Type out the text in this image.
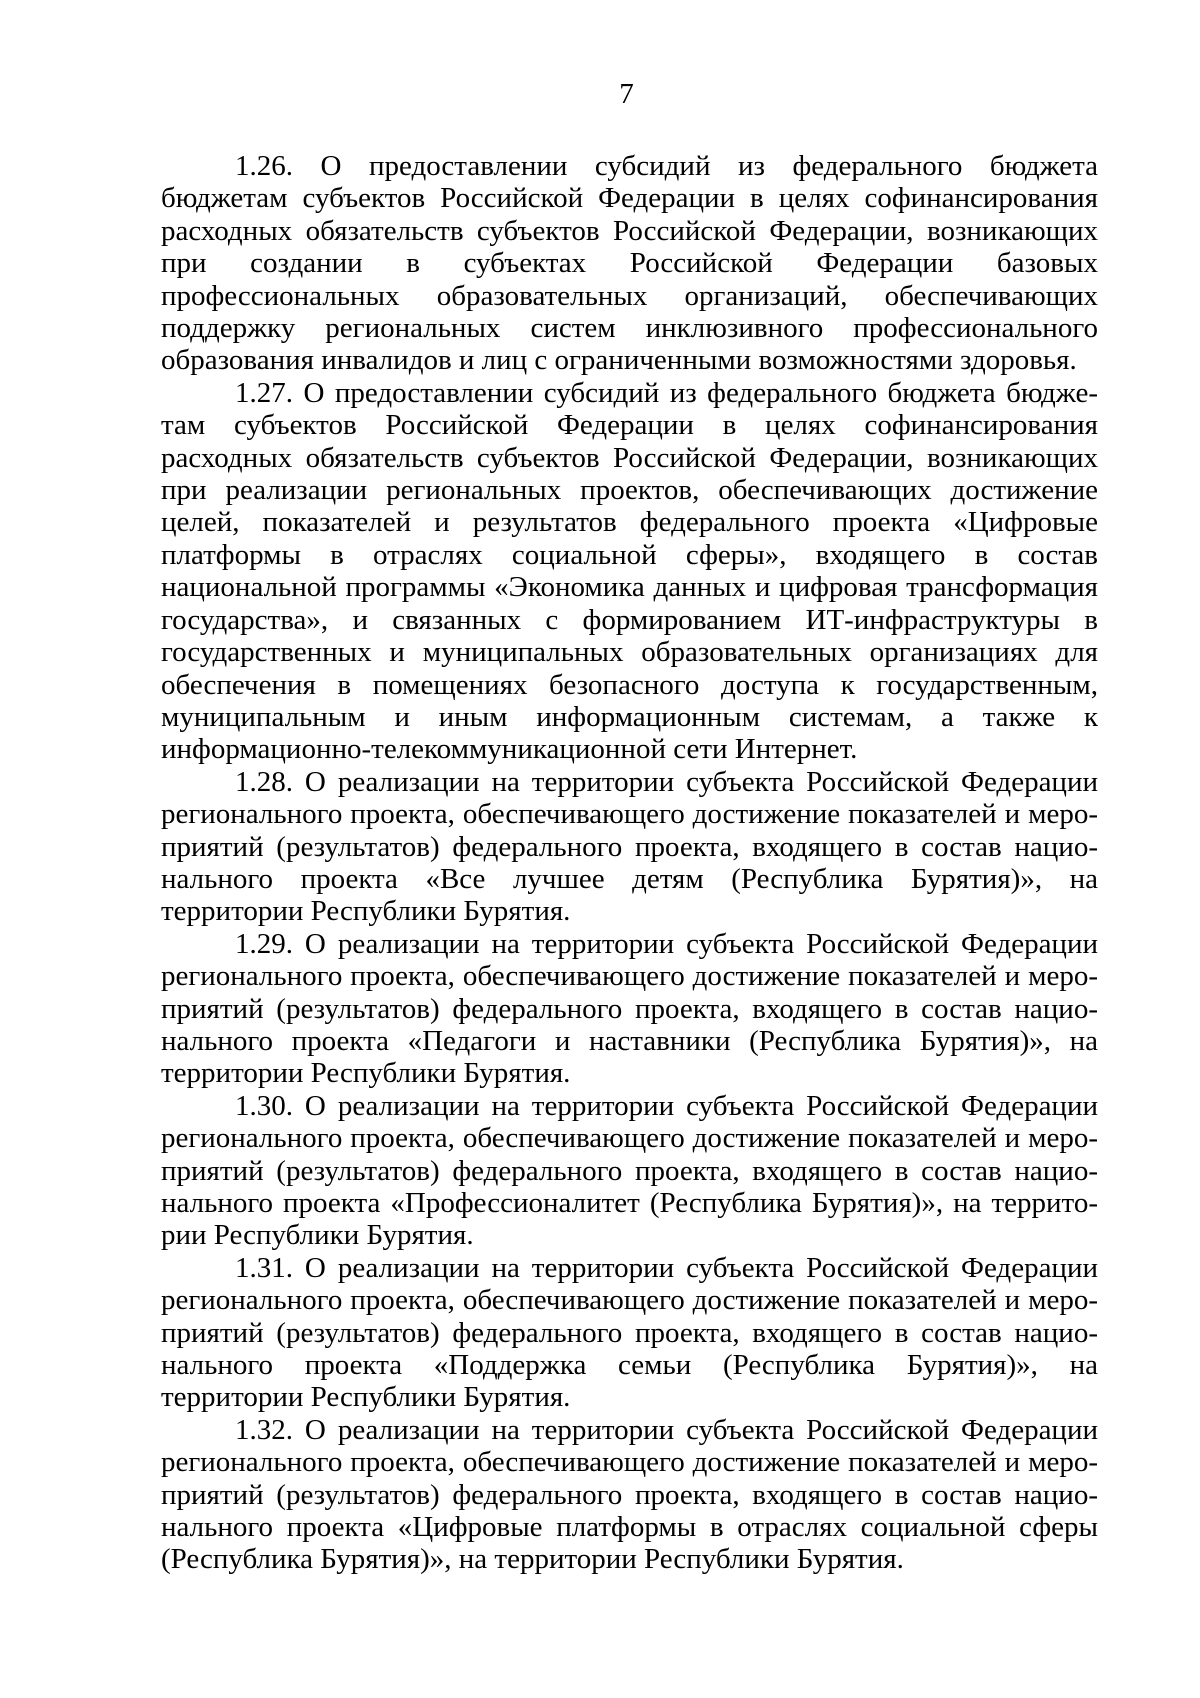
7

1.26. О предоставлении субсидий из федерального бюджета бюджетам субъектов Российской Федерации в целях софинансирования расходных обязательств субъектов Российской Федерации, возникающих при создании в субъектах Российской Федерации базовых профессиональных образовательных организаций, обеспечивающих поддержку региональных систем инклюзивного профессионального образования инвалидов и лиц с ограниченными возможностями здоровья.

1.27. О предоставлении субсидий из федерального бюджета бюджетам субъектов Российской Федерации в целях софинансирования расходных обязательств субъектов Российской Федерации, возникающих при реализации региональных проектов, обеспечивающих достижение целей, показателей и результатов федерального проекта «Цифровые платформы в отраслях социальной сферы», входящего в состав национальной программы «Экономика данных и цифровая трансформация государства», и связанных с формированием ИТ-инфраструктуры в государственных и муниципальных образовательных организациях для обеспечения в помещениях безопасного доступа к государственным, муниципальным и иным информационным системам, а также к информационно-телекоммуникационной сети Интернет.

1.28. О реализации на территории субъекта Российской Федерации регионального проекта, обеспечивающего достижение показателей и мероприятий (результатов) федерального проекта, входящего в состав национального проекта «Все лучшее детям (Республика Бурятия)», на территории Республики Бурятия.

1.29. О реализации на территории субъекта Российской Федерации регионального проекта, обеспечивающего достижение показателей и мероприятий (результатов) федерального проекта, входящего в состав национального проекта «Педагоги и наставники (Республика Бурятия)», на территории Республики Бурятия.

1.30. О реализации на территории субъекта Российской Федерации регионального проекта, обеспечивающего достижение показателей и мероприятий (результатов) федерального проекта, входящего в состав национального проекта «Профессионалитет (Республика Бурятия)», на территории Республики Бурятия.

1.31. О реализации на территории субъекта Российской Федерации регионального проекта, обеспечивающего достижение показателей и мероприятий (результатов) федерального проекта, входящего в состав национального проекта «Поддержка семьи (Республика Бурятия)», на территории Республики Бурятия.

1.32. О реализации на территории субъекта Российской Федерации регионального проекта, обеспечивающего достижение показателей и мероприятий (результатов) федерального проекта, входящего в состав национального проекта «Цифровые платформы в отраслях социальной сферы (Республика Бурятия)», на территории Республики Бурятия.
